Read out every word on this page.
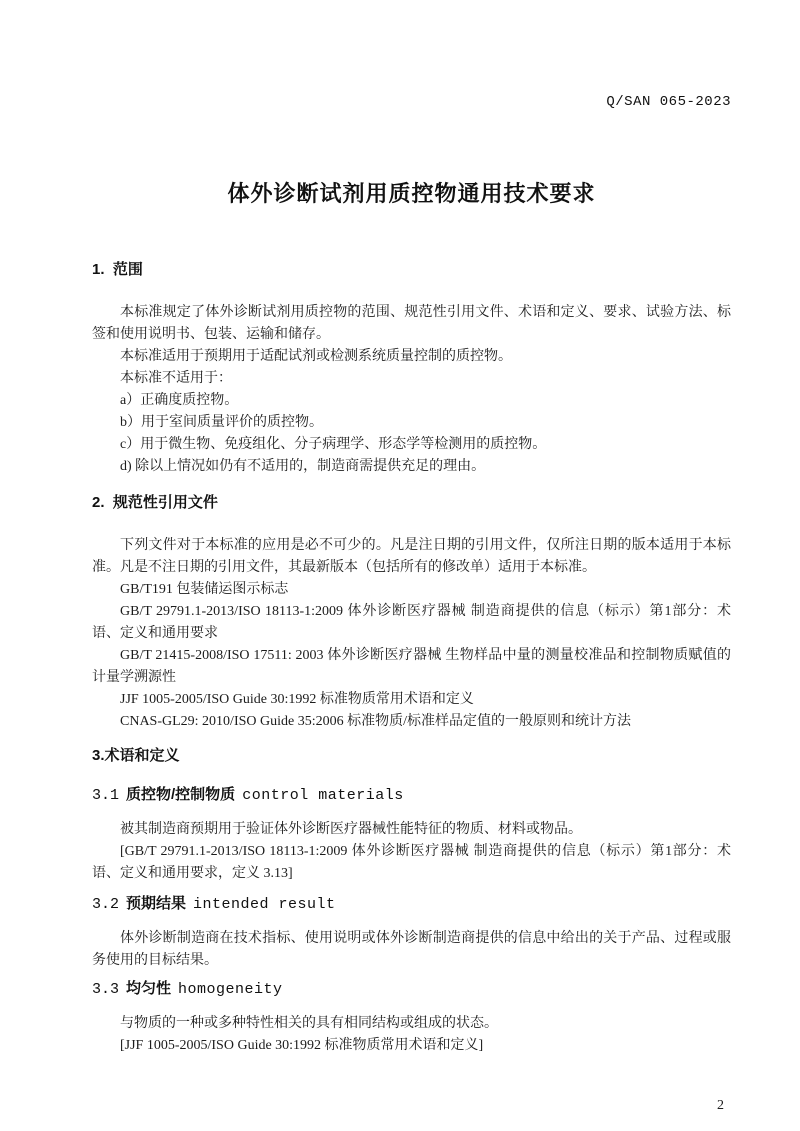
Q/SAN 065-2023
体外诊断试剂用质控物通用技术要求
1.  范围

本标准规定了体外诊断试剂用质控物的范围、规范性引用文件、术语和定义、要求、试验方法、标签和使用说明书、包装、运输和储存。

本标准适用于预期用于适配试剂或检测系统质量控制的质控物。

本标准不适用于：

a）正确度质控物。
b）用于室间质量评价的质控物。
c）用于微生物、免疫组化、分子病理学、形态学等检测用的质控物。
d) 除以上情况如仍有不适用的，制造商需提供充足的理由。
2.  规范性引用文件

下列文件对于本标准的应用是必不可少的。凡是注日期的引用文件，仅所注日期的版本适用于本标准。凡是不注日期的引用文件，其最新版本（包括所有的修改单）适用于本标准。

GB/T191 包装储运图示标志

GB/T 29791.1-2013/ISO 18113-1:2009 体外诊断医疗器械 制造商提供的信息（标示）第1部分：术语、定义和通用要求

GB/T 21415-2008/ISO 17511: 2003 体外诊断医疗器械 生物样品中量的测量校准品和控制物质赋值的计量学溯源性

JJF 1005-2005/ISO Guide 30:1992 标准物质常用术语和定义

CNAS-GL29: 2010/ISO Guide 35:2006 标准物质/标准样品定值的一般原则和统计方法

3.术语和定义
3.1 质控物/控制物质 control materials

被其制造商预期用于验证体外诊断医疗器械性能特征的物质、材料或物品。

[GB/T 29791.1-2013/ISO 18113-1:2009 体外诊断医疗器械 制造商提供的信息（标示）第1部分：术语、定义和通用要求，定义 3.13]

3.2 预期结果 intended result

体外诊断制造商在技术指标、使用说明或体外诊断制造商提供的信息中给出的关于产品、过程或服务使用的目标结果。

3.3 均匀性 homogeneity

与物质的一种或多种特性相关的具有相同结构或组成的状态。

[JJF 1005-2005/ISO Guide 30:1992 标准物质常用术语和定义]

2
